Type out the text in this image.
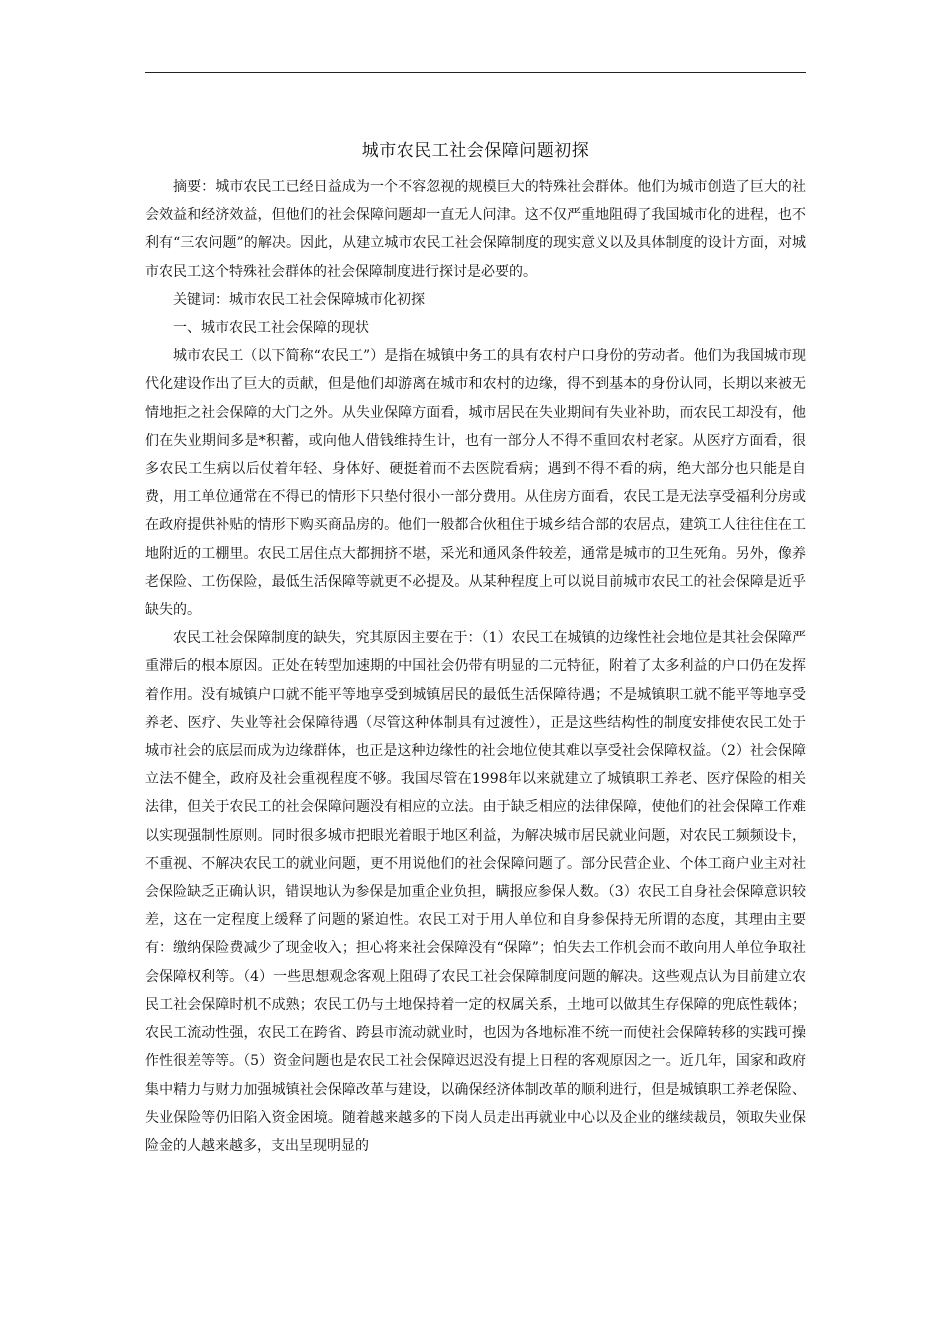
城市农民工社会保障问题初探

摘要：城市农民工已经日益成为一个不容忽视的规模巨大的特殊社会群体。他们为城市创造了巨大的社会效益和经济效益，但他们的社会保障问题却一直无人问津。这不仅严重地阻碍了我国城市化的进程，也不利有“三农问题”的解决。因此，从建立城市农民工社会保障制度的现实意义以及具体制度的设计方面，对城市农民工这个特殊社会群体的社会保障制度进行探讨是必要的。

关键词：城市农民工社会保障城市化初探

一、城市农民工社会保障的现状

城市农民工（以下简称“农民工”）是指在城镇中务工的具有农村户口身份的劳动者。他们为我国城市现代化建设作出了巨大的贡献，但是他们却游离在城市和农村的边缘，得不到基本的身份认同，长期以来被无情地拒之社会保障的大门之外。从失业保障方面看，城市居民在失业期间有失业补助，而农民工却没有，他们在失业期间多是*积蓄，或向他人借钱维持生计，也有一部分人不得不重回农村老家。从医疗方面看，很多农民工生病以后仗着年轻、身体好、硬挺着而不去医院看病；遇到不得不看的病，绝大部分也只能是自费，用工单位通常在不得已的情形下只垫付很小一部分费用。从住房方面看，农民工是无法享受福利分房或在政府提供补贴的情形下购买商品房的。他们一般都合伙租住于城乡结合部的农居点，建筑工人往往住在工地附近的工棚里。农民工居住点大都拥挤不堪，采光和通风条件较差，通常是城市的卫生死角。另外，像养老保险、工伤保险，最低生活保障等就更不必提及。从某种程度上可以说目前城市农民工的社会保障是近乎缺失的。

农民工社会保障制度的缺失，究其原因主要在于：（1）农民工在城镇的边缘性社会地位是其社会保障严重滞后的根本原因。正处在转型加速期的中国社会仍带有明显的二元特征，附着了太多利益的户口仍在发挥着作用。没有城镇户口就不能平等地享受到城镇居民的最低生活保障待遇；不是城镇职工就不能平等地享受养老、医疗、失业等社会保障待遇（尽管这种体制具有过渡性），正是这些结构性的制度安排使农民工处于城市社会的底层而成为边缘群体，也正是这种边缘性的社会地位使其难以享受社会保障权益。（2）社会保障立法不健全，政府及社会重视程度不够。我国尽管在1998年以来就建立了城镇职工养老、医疗保险的相关法律，但关于农民工的社会保障问题没有相应的立法。由于缺乏相应的法律保障，使他们的社会保障工作难以实现强制性原则。同时很多城市把眼光着眼于地区利益，为解决城市居民就业问题，对农民工频频设卡，不重视、不解决农民工的就业问题，更不用说他们的社会保障问题了。部分民营企业、个体工商户业主对社会保险缺乏正确认识，错误地认为参保是加重企业负担，瞒报应参保人数。（3）农民工自身社会保障意识较差，这在一定程度上缓释了问题的紧迫性。农民工对于用人单位和自身参保持无所谓的态度，其理由主要有：缴纳保险费减少了现金收入；担心将来社会保障没有“保障”；怕失去工作机会而不敢向用人单位争取社会保障权利等。（4）一些思想观念客观上阻碍了农民工社会保障制度问题的解决。这些观点认为目前建立农民工社会保障时机不成熟；农民工仍与土地保持着一定的权属关系，土地可以做其生存保障的兜底性载体；农民工流动性强，农民工在跨省、跨县市流动就业时，也因为各地标准不统一而使社会保障转移的实践可操作性很差等等。（5）资金问题也是农民工社会保障迟迟没有提上日程的客观原因之一。近几年，国家和政府集中精力与财力加强城镇社会保障改革与建设，以确保经济体制改革的顺利进行，但是城镇职工养老保险、失业保险等仍旧陷入资金困境。随着越来越多的下岗人员走出再就业中心以及企业的继续裁员，领取失业保险金的人越来越多，支出呈现明显的
